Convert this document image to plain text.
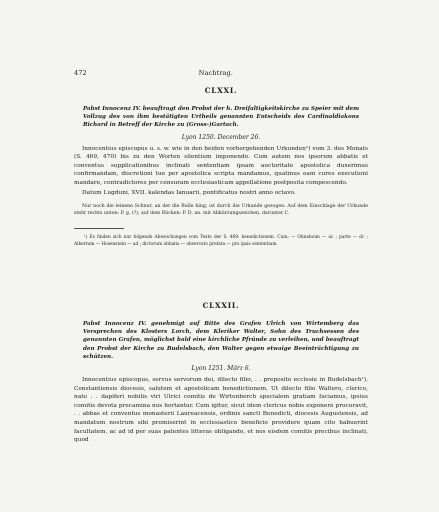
472	Nachtrag.
CLXXI.
Pabst Innocenz IV. beauftragt den Probst der h. Dreifaltigkeitskirche zu Speier mit dem Vollzug des von ihm bestätigten Urtheils genannten Entscheids des Cardinaldiakons Richard in Betreff der Kirche zu (Gross-)Gartach.
Lyon 1250. December 26.

Innocentius episcopus u. s. w. wie in den beiden vorhergehenden Urkunden¹) vom 3. des Monats (S. 469, 470) bis zu den Worten silentium imponendo. Cum autem nos ipsorum abbatis et conventus supplicationibus inclinati sententiam ipsam auctoritate apostolica duxerimus confirmandam, discretioni tue per apostolica scripta mandamus, quatinus eam cures executioni mandare, contradictores per censuram ecclesiasticam appellatione postposita compescendo.

Datum Lugduni, XVII. kalendas Ianuarii, pontificatus nostri anno octavo.

Nur noch die leinene Schnur, an der die Bulle hing, ist durch die Urkunde gezogen. Auf dem Einschlage der Urkunde steht rechts unten: P. g. (?), auf dem Rücken: P. D. an. mit Abkürzungszeichen, darunter C.
¹) Es finden sich nur folgende Abweichungen vom Texte der S. 469: benedictionem. Cum; — Ohnehoim — ac ; parte — dc ; Albertum — Hosenstein — ad ; dictorum abbatis — observato prefata — pro ipsis sententiam.
CLXXII.
Pabst Innocenz IV. genehmigt auf Bitte des Grafen Ulrich von Wirtemberg das Versprechen des Klosters Lorch, dem Kleriker Walter, Sohn des Truchsessen des genannten Grafen, möglichst bald eine kirchliche Pfründe zu verleihen, und beauftragt den Probst der Kirche zu Budelsbach, den Walter gegen etwaige Beeinträchtigung zu schützen.
Lyon 1251. März 6.

Innocentius episcopus, servus servorum dei, dilecto filio, . . preposito ecclesie in Budelsbach¹), Constantiensis diocesis, salutem et apostolicam benedictionem. Ut dilecto filio Waltero, clerico, nato . . dapiferi nobilis viri Ulrici comitis de Wirtenberch specialem gratiam faciamus, ipsius comitis devota precamina nos hortantur. Cum igitur, sicut idem clericus nobis exponere procuravit, . . abbas et conventus monasterii Laureacensis, ordinis sancti Benedicti, diocesis Augustensis, ad mandatum nostrum sibi promiserint in ecclesiastico beneficio providere quam cito habuerint facultatem, ac ad id per suas patentes litteras obligando, et nos eisdem comitis precibus inclinati, quod
